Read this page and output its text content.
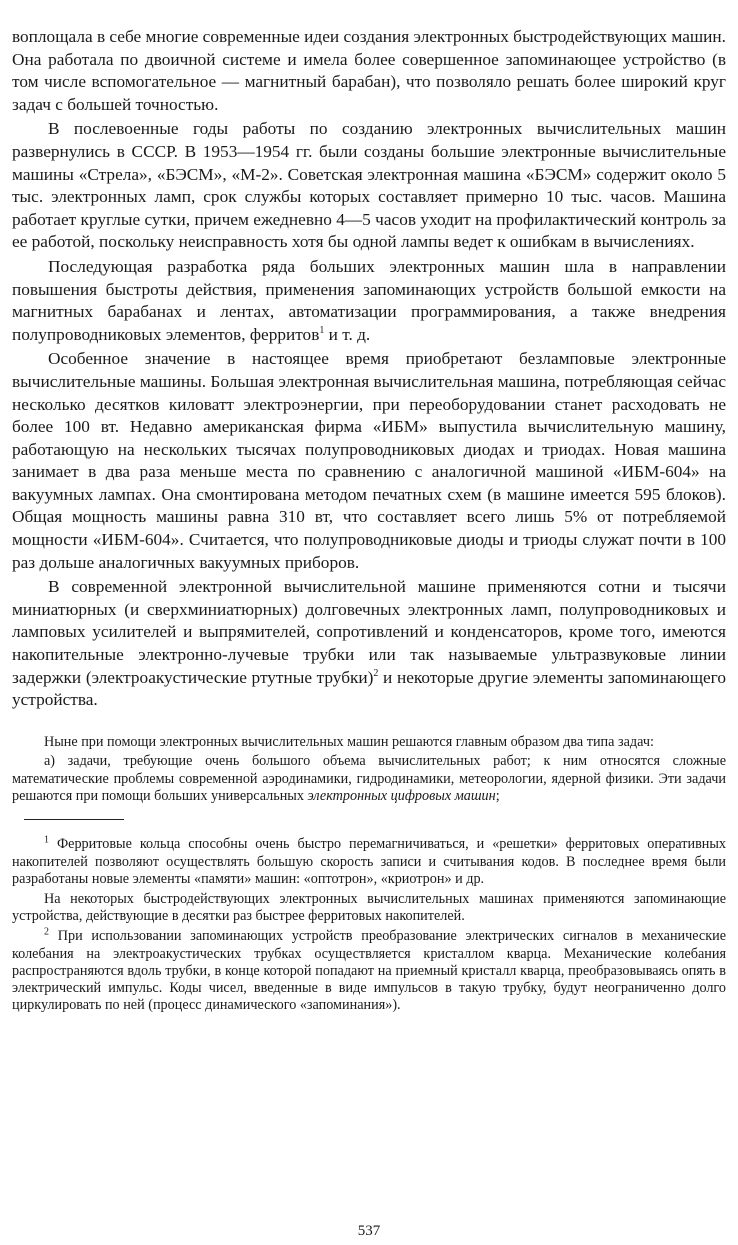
воплощала в себе многие современные идеи создания электронных быстродействующих машин. Она работала по двоичной системе и имела более совершенное запоминающее устройство (в том числе вспомогательное — магнитный барабан), что позволяло решать более широкий круг задач с большей точностью.

В послевоенные годы работы по созданию электронных вычислительных машин развернулись в СССР. В 1953—1954 гг. были созданы большие электронные вычислительные машины «Стрела», «БЭСМ», «М-2». Советская электронная машина «БЭСМ» содержит около 5 тыс. электронных ламп, срок службы которых составляет примерно 10 тыс. часов. Машина работает круглые сутки, причем ежедневно 4—5 часов уходит на профилактический контроль за ее работой, поскольку неисправность хотя бы одной лампы ведет к ошибкам в вычислениях.

Последующая разработка ряда больших электронных машин шла в направлении повышения быстроты действия, применения запоминающих устройств большой емкости на магнитных барабанах и лентах, автоматизации программирования, а также внедрения полупроводниковых элементов, ферритов$^1$ и т. д.

Особенное значение в настоящее время приобретают безламповые электронные вычислительные машины. Большая электронная вычислительная машина, потребляющая сейчас несколько десятков киловатт электроэнергии, при переоборудовании станет расходовать не более 100 вт. Недавно американская фирма «ИБМ» выпустила вычислительную машину, работающую на нескольких тысячах полупроводниковых диодах и триодах. Новая машина занимает в два раза меньше места по сравнению с аналогичной машиной «ИБМ-604» на вакуумных лампах. Она смонтирована методом печатных схем (в машине имеется 595 блоков). Общая мощность машины равна 310 вт, что составляет всего лишь 5% от потребляемой мощности «ИБМ-604». Считается, что полупроводниковые диоды и триоды служат почти в 100 раз дольше аналогичных вакуумных приборов.

В современной электронной вычислительной машине применяются сотни и тысячи миниатюрных (и сверхминиатюрных) долговечных электронных ламп, полупроводниковых и ламповых усилителей и выпрямителей, сопротивлений и конденсаторов, кроме того, имеются накопительные электронно-лучевые трубки или так называемые ультразвуковые линии задержки (электроакустические ртутные трубки)$^2$ и некоторые другие элементы запоминающего устройства.

Ныне при помощи электронных вычислительных машин решаются главным образом два типа задач:

а) задачи, требующие очень большого объема вычислительных работ; к ним относятся сложные математические проблемы современной аэродинамики, гидродинамики, метеорологии, ядерной физики. Эти задачи решаются при помощи больших универсальных электронных цифровых машин;

$^1$ Ферритовые кольца способны очень быстро перемагничиваться, и «решетки» ферритовых оперативных накопителей позволяют осуществлять большую скорость записи и считывания кодов. В последнее время были разработаны новые элементы «памяти» машин: «оптотрон», «криотрон» и др.

На некоторых быстродействующих электронных вычислительных машинах применяются запоминающие устройства, действующие в десятки раз быстрее ферритовых накопителей.

$^2$ При использовании запоминающих устройств преобразование электрических сигналов в механические колебания на электроакустических трубках осуществляется кристаллом кварца. Механические колебания распространяются вдоль трубки, в конце которой попадают на приемный кристалл кварца, преобразовываясь опять в электрический импульс. Коды чисел, введенные в виде импульсов в такую трубку, будут неограниченно долго циркулировать по ней (процесс динамического «запоминания»).

537
